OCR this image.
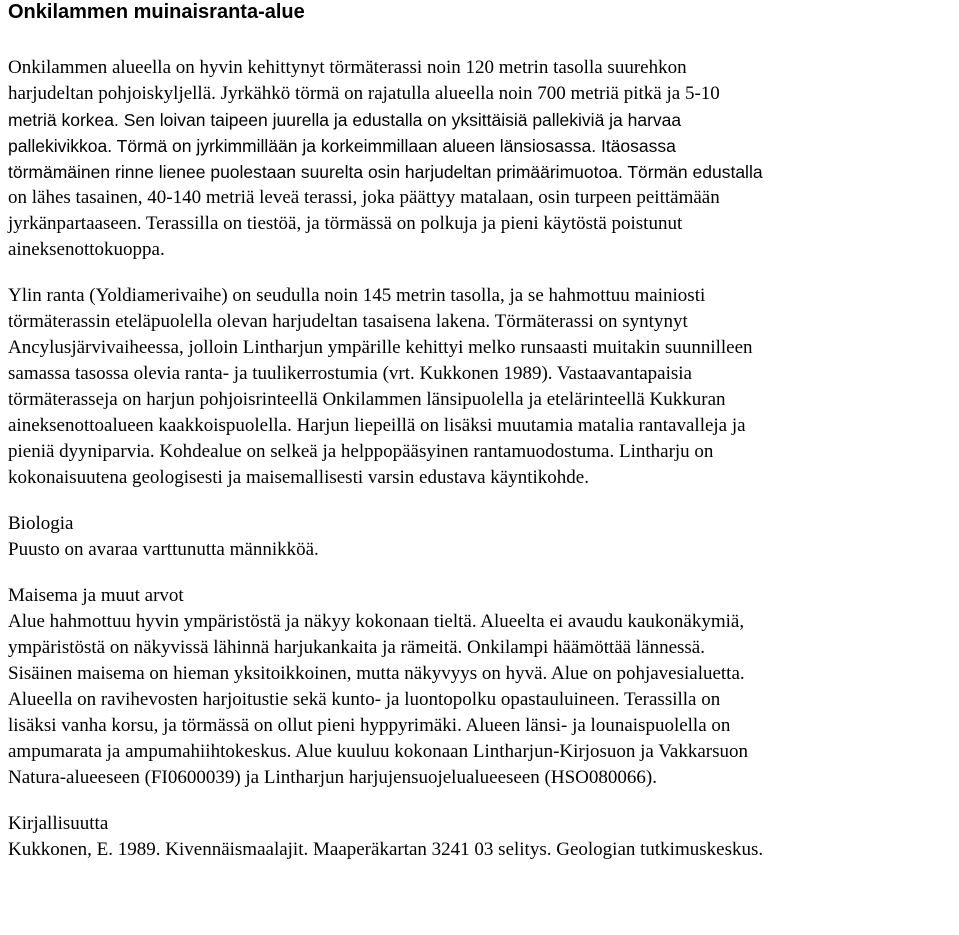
Onkilammen muinaisranta-alue
Onkilammen alueella on hyvin kehittynyt törmäterassi noin 120 metrin tasolla suurehkon
harjudeltan pohjoiskyljellä. Jyrkähkö törmä on rajatulla alueella noin 700 metriä pitkä ja 5-10
metriä korkea. Sen loivan taipeen juurella ja edustalla on yksittäisiä pallekiviä ja harvaa
pallekivikkoa. Törmä on jyrkimmillään ja korkeimmillaan alueen länsiosassa. Itäosassa
törmämäinen rinne lienee puolestaan suurelta osin harjudeltan primäärimuotoa. Törmän edustalla
on lähes tasainen, 40-140 metriä leveä terassi, joka päättyy matalaan, osin turpeen peittämään
jyrkänpartaaseen. Terassilla on tiestöä, ja törmässä on polkuja ja pieni käytöstä poistunut
aineksenottokuoppa.
Ylin ranta (Yoldiamerivaihe) on seudulla noin 145 metrin tasolla, ja se hahmottuu mainiosti
törmäterassin eteläpuolella olevan harjudeltan tasaisena lakena. Törmäterassi on syntynyt
Ancylusjärvivaiheessa, jolloin Lintharjun ympärille kehittyi melko runsaasti muitakin suunnilleen
samassa tasossa olevia ranta- ja tuulikerrostumia (vrt. Kukkonen 1989). Vastaavantapaisia
törmäterasseja on harjun pohjoisrinteellä Onkilammen länsipuolella ja etelärinteellä Kukkuran
aineksenottoalueen kaakkoispuolella. Harjun liepeillä on lisäksi muutamia matalia rantavalleja ja
pieniä dyyniparvia. Kohdealue on selkeä ja helppopääsyinen rantamuodostuma. Lintharju on
kokonaisuutena geologisesti ja maisemallisesti varsin edustava käyntikohde.
Biologia
Puusto on avaraa varttunutta männikköä.
Maisema ja muut arvot
Alue hahmottuu hyvin ympäristöstä ja näkyy kokonaan tieltä. Alueelta ei avaudu kaukonäkymiä,
ympäristöstä on näkyvissä lähinnä harjukankaita ja rämeitä. Onkilampi häämöttää lännessä.
Sisäinen maisema on hieman yksitoikkoinen, mutta näkyvyys on hyvä. Alue on pohjavesialuetta.
Alueella on ravihevosten harjoitustie sekä kunto- ja luontopolku opastauluineen. Terassilla on
lisäksi vanha korsu, ja törmässä on ollut pieni hyppyrimäki. Alueen länsi- ja lounaispuolella on
ampumarata ja ampumahiihtokeskus. Alue kuuluu kokonaan Lintharjun-Kirjosuon ja Vakkarsuon
Natura-alueeseen (FI0600039) ja Lintharjun harjujensuojelualueeseen (HSO080066).
Kirjallisuutta
Kukkonen, E. 1989. Kivennäismaalajit. Maaperäkartan 3241 03 selitys. Geologian tutkimuskeskus.
